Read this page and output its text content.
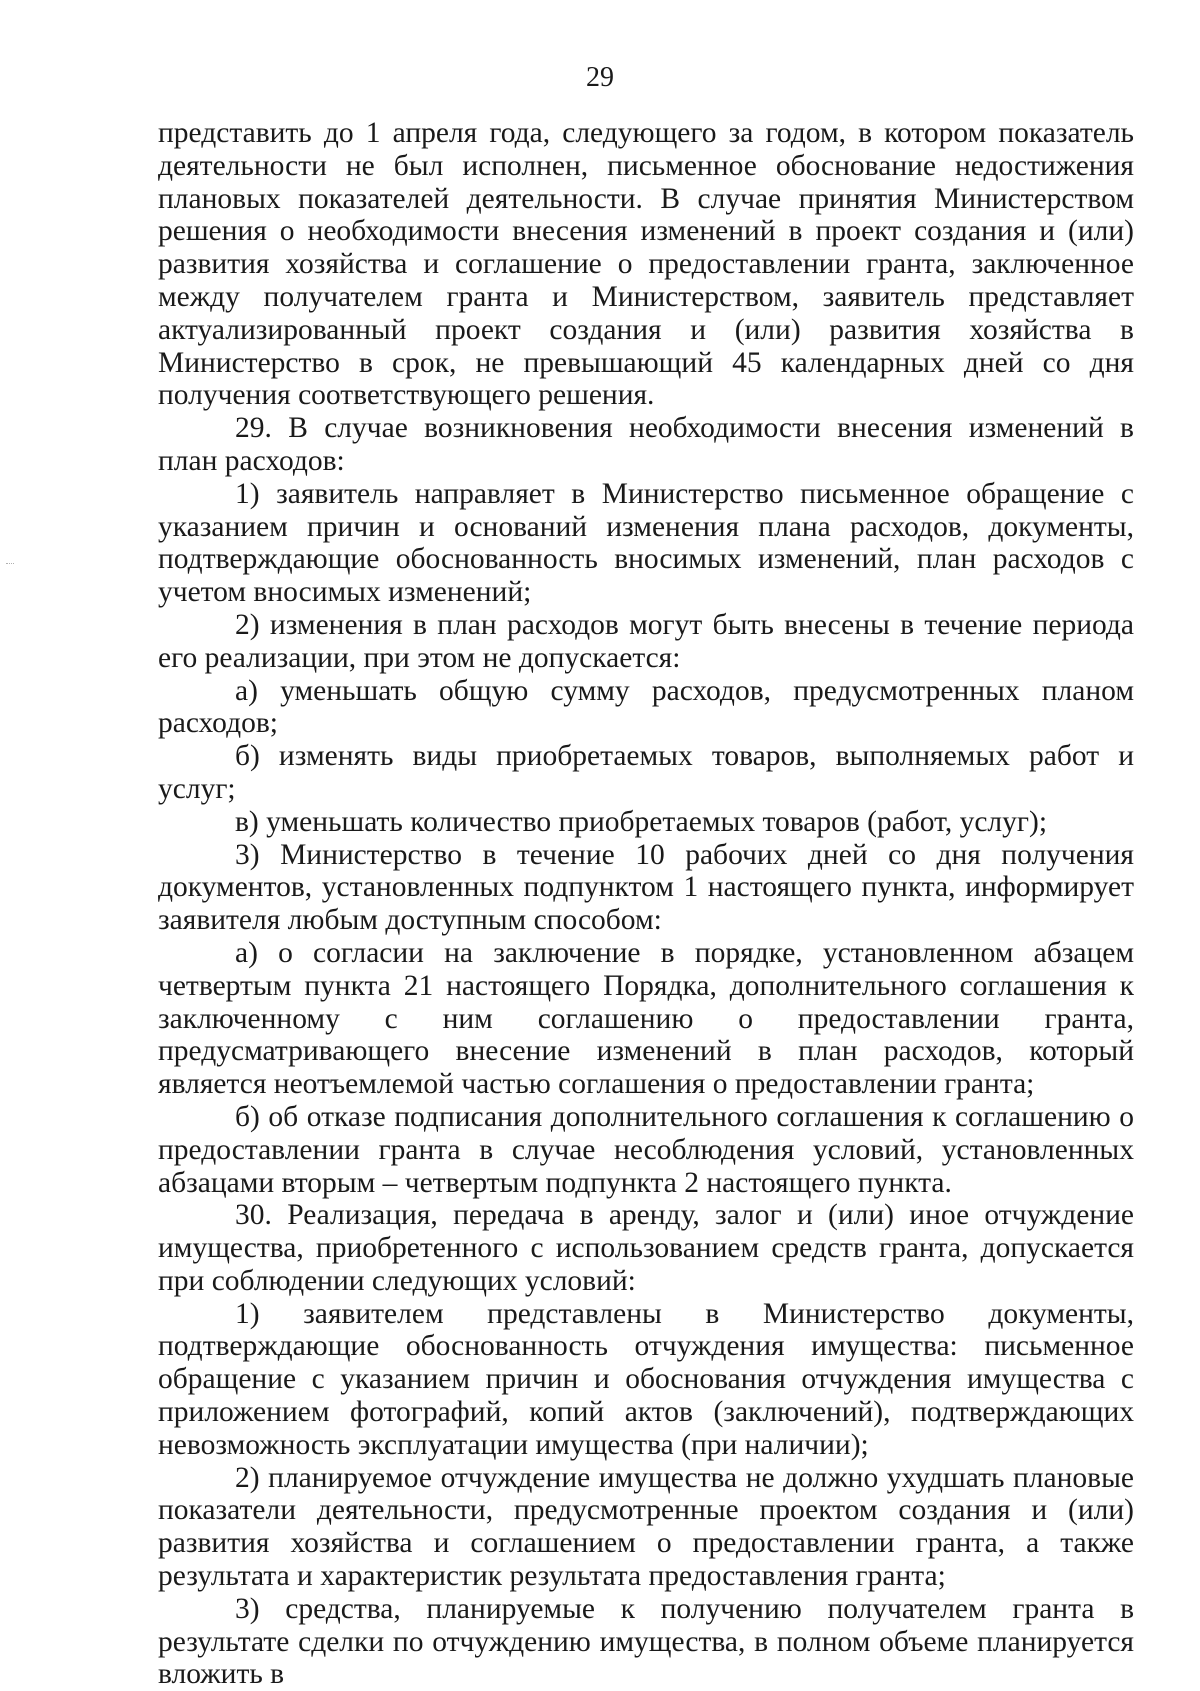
29

представить до 1 апреля года, следующего за годом, в котором показатель деятельности не был исполнен, письменное обоснование недостижения плановых показателей деятельности. В случае принятия Министерством решения о необходимости внесения изменений в проект создания и (или) развития хозяйства и соглашение о предоставлении гранта, заключенное между получателем гранта и Министерством, заявитель представляет актуализированный проект создания и (или) развития хозяйства в Министерство в срок, не превышающий 45 календарных дней со дня получения соответствующего решения.

29. В случае возникновения необходимости внесения изменений в план расходов:

1) заявитель направляет в Министерство письменное обращение с указанием причин и оснований изменения плана расходов, документы, подтверждающие обоснованность вносимых изменений, план расходов с учетом вносимых изменений;

2) изменения в план расходов могут быть внесены в течение периода его реализации, при этом не допускается:

а) уменьшать общую сумму расходов, предусмотренных планом расходов;

б) изменять виды приобретаемых товаров, выполняемых работ и услуг;

в) уменьшать количество приобретаемых товаров (работ, услуг);

3) Министерство в течение 10 рабочих дней со дня получения документов, установленных подпунктом 1 настоящего пункта, информирует заявителя любым доступным способом:

а) о согласии на заключение в порядке, установленном абзацем четвертым пункта 21 настоящего Порядка, дополнительного соглашения к заключенному с ним соглашению о предоставлении гранта, предусматривающего внесение изменений в план расходов, который является неотъемлемой частью соглашения о предоставлении гранта;

б) об отказе подписания дополнительного соглашения к соглашению о предоставлении гранта в случае несоблюдения условий, установленных абзацами вторым – четвертым подпункта 2 настоящего пункта.

30. Реализация, передача в аренду, залог и (или) иное отчуждение имущества, приобретенного с использованием средств гранта, допускается при соблюдении следующих условий:

1) заявителем представлены в Министерство документы, подтверждающие обоснованность отчуждения имущества: письменное обращение с указанием причин и обоснования отчуждения имущества с приложением фотографий, копий актов (заключений), подтверждающих невозможность эксплуатации имущества (при наличии);

2) планируемое отчуждение имущества не должно ухудшать плановые показатели деятельности, предусмотренные проектом создания и (или) развития хозяйства и соглашением о предоставлении гранта, а также результата и характеристик результата предоставления гранта;

3) средства, планируемые к получению получателем гранта в результате сделки по отчуждению имущества, в полном объеме планируется вложить в
